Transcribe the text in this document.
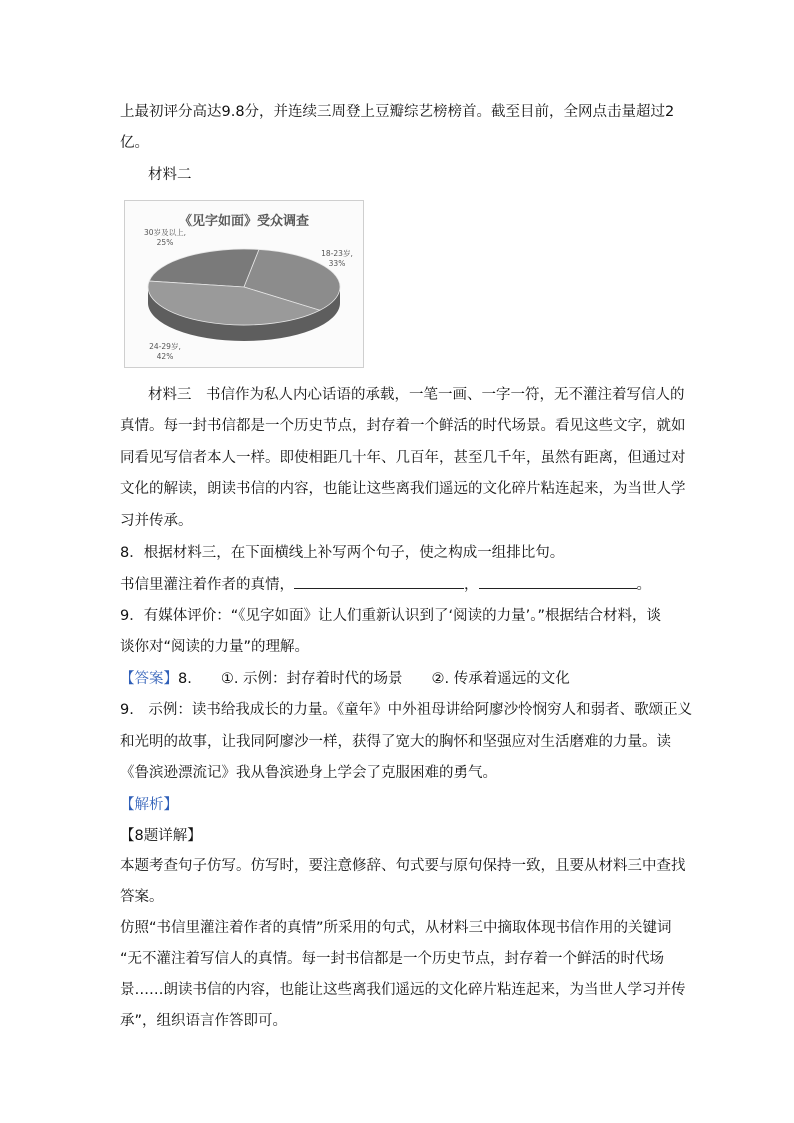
上最初评分高达9.8分，并连续三周登上豆瓣综艺榜榜首。截至目前，全网点击量超过2
亿。
材料二
《见字如面》受众调查
18-23岁,
33%
24-29岁,
42%
30岁及以上,
25%
材料三　书信作为私人内心话语的承载，一笔一画、一字一符，无不灌注着写信人的
真情。每一封书信都是一个历史节点，封存着一个鲜活的时代场景。看见这些文字，就如
同看见写信者本人一样。即使相距几十年、几百年，甚至几千年，虽然有距离，但通过对
文化的解读，朗读书信的内容，也能让这些离我们遥远的文化碎片粘连起来，为当世人学
习并传承。
8．根据材料三，在下面横线上补写两个句子，使之构成一组排比句。
书信里灌注着作者的真情，	，	。
9．有媒体评价：“《见字如面》让人们重新认识到了‘阅读的力量’。”根据结合材料，谈
谈你对“阅读的力量”的理解。
【答案】8.　　①. 示例：封存着时代的场景　　②. 传承着遥远的文化
9.　示例：读书给我成长的力量。《童年》中外祖母讲给阿廖沙怜悯穷人和弱者、歌颂正义
和光明的故事，让我同阿廖沙一样，获得了宽大的胸怀和坚强应对生活磨难的力量。读
《鲁滨逊漂流记》我从鲁滨逊身上学会了克服困难的勇气。
【解析】
【8题详解】
本题考查句子仿写。仿写时，要注意修辞、句式要与原句保持一致，且要从材料三中查找
答案。
仿照“书信里灌注着作者的真情”所采用的句式，从材料三中摘取体现书信作用的关键词
“无不灌注着写信人的真情。每一封书信都是一个历史节点，封存着一个鲜活的时代场
景……朗读书信的内容，也能让这些离我们遥远的文化碎片粘连起来，为当世人学习并传
承”，组织语言作答即可。
